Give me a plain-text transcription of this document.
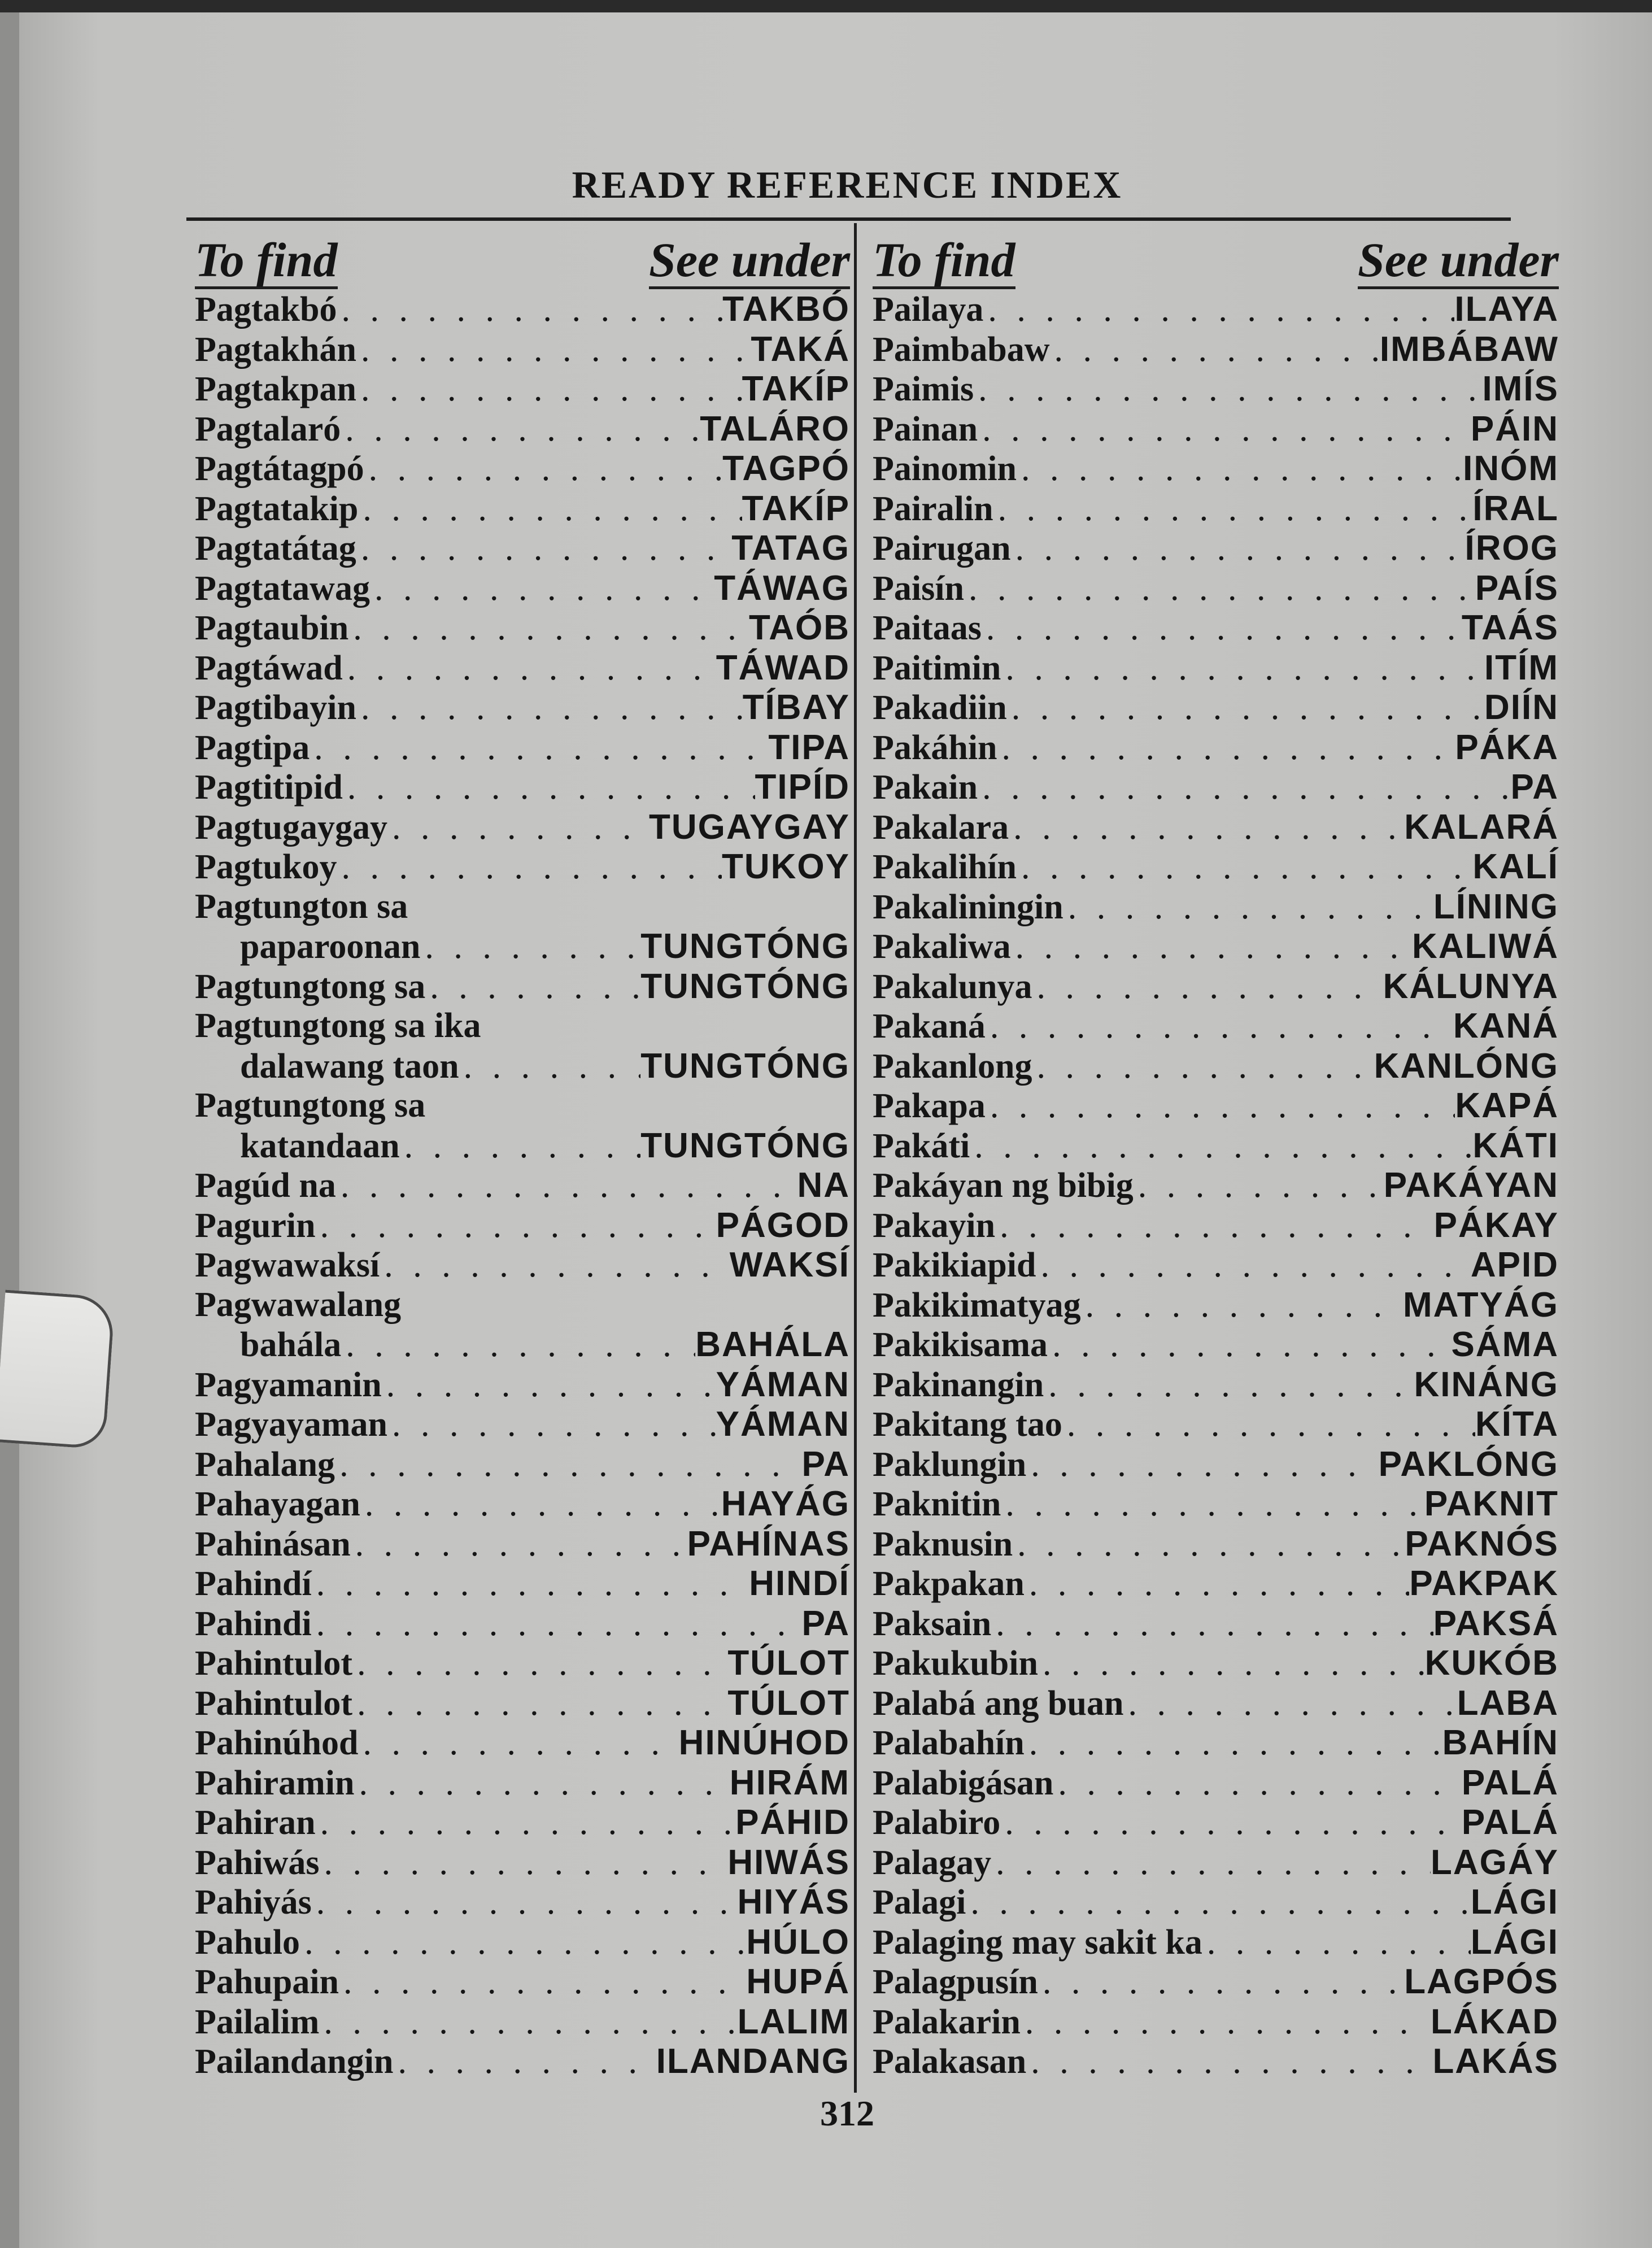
READY REFERENCE INDEX
To find	See under
Pagtakbó . . .	TAKBÓ
Pagtakhán . . .	TAKÁ
Pagtakpan . . .	TAKÍP
Pagtalaró . . .	TALÁRO
Pagtátagpó . . .	TAGPÓ
Pagtatakip . . .	TAKÍP
Pagtatátag . . .	TATAG
Pagtatawag . . .	TÁWAG
Pagtaubin . . .	TAÓB
Pagtáwad . . .	TÁWAD
Pagtibayin . . .	TÍBAY
Pagtipa . . .	TIPA
Pagtitipid . . .	TIPÍD
Pagtugaygay . . .	TUGAYGAY
Pagtukoy . . .	TUKOY
Pagtungton sa
paparoonan . . .	TUNGTÓNG
Pagtungtong sa . . .	TUNGTÓNG
Pagtungtong sa ika
dalawang taon . . .	TUNGTÓNG
Pagtungtong sa
katandaan . . .	TUNGTÓNG
Pagúd na . . .	NA
Pagurin . . .	PÁGOD
Pagwawaksí . . .	WAKSÍ
Pagwawalang
bahála . . .	BAHÁLA
Pagyamanin . . .	YÁMAN
Pagyayaman . . .	YÁMAN
Pahalang . . .	PA
Pahayagan . . .	HAYÁG
Pahinásan . . .	PAHÍNAS
Pahindí . . .	HINDÍ
Pahindi . . .	PA
Pahintulot . . .	TÚLOT
Pahintulot . . .	TÚLOT
Pahinúhod . . .	HINÚHOD
Pahiramin . . .	HIRÁM
Pahiran . . .	PÁHID
Pahiwás . . .	HIWÁS
Pahiyás . . .	HIYÁS
Pahulo . . .	HÚLO
Pahupain . . .	HUPÁ
Pailalim . . .	LALIM
Pailandangin . . .	ILANDANG
To find	See under
Pailaya . . .	ILAYA
Paimbabaw . . .	IMBÁBAW
Paimis . . .	IMÍS
Painan . . .	PÁIN
Painomin . . .	INÓM
Pairalin . . .	ÍRAL
Pairugan . . .	ÍROG
Paisín . . .	PAÍS
Paitaas . . .	TAÁS
Paitimin . . .	ITÍM
Pakadiin . . .	DIÍN
Pakáhin . . .	PÁKA
Pakain . . .	PA
Pakalara . . .	KALARÁ
Pakalihín . . .	KALÍ
Pakaliningin . . .	LÍNING
Pakaliwa . . .	KALIWÁ
Pakalunya . . .	KÁLUNYA
Pakaná . . .	KANÁ
Pakanlong . . .	KANLÓNG
Pakapa . . .	KAPÁ
Pakáti . . .	KÁTI
Pakáyan ng bibig . . .	PAKÁYAN
Pakayin . . .	PÁKAY
Pakikiapid . . .	APID
Pakikimatyag . . .	MATYÁG
Pakikisama . . .	SÁMA
Pakinangin . . .	KINÁNG
Pakitang tao . . .	KÍTA
Paklungin . . .	PAKLÓNG
Paknitin . . .	PAKNIT
Paknusin . . .	PAKNÓS
Pakpakan . . .	PAKPAK
Paksain . . .	PAKSÁ
Pakukubin . . .	KUKÓB
Palabá ang buan . . .	LABA
Palabahín . . .	BAHÍN
Palabigásan . . .	PALÁ
Palabiro . . .	PALÁ
Palagay . . .	LAGÁY
Palagi . . .	LÁGI
Palaging may sakit ka . . .	LÁGI
Palagpusín . . .	LAGPÓS
Palakarin . . .	LÁKAD
Palakasan . . .	LAKÁS
312
